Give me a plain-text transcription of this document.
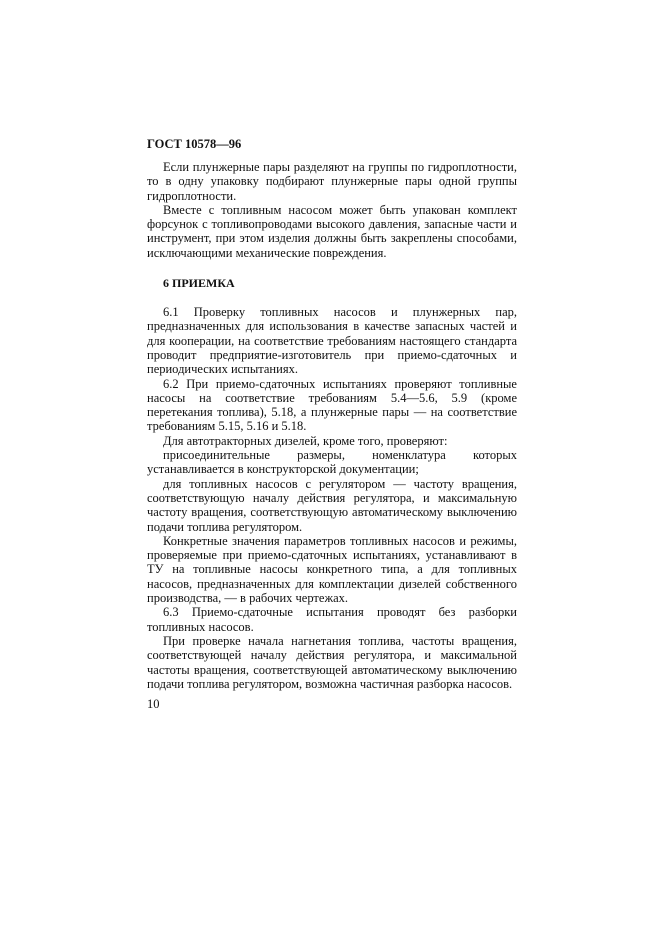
ГОСТ 10578—96

Если плунжерные пары разделяют на группы по гидроплотности, то в одну упаковку подбирают плунжерные пары одной группы гидроплотности.

Вместе с топливным насосом может быть упакован комплект форсунок с топливопроводами высокого давления, запасные части и инструмент, при этом изделия должны быть закреплены способами, исключающими механические повреждения.

6 ПРИЕМКА

6.1 Проверку топливных насосов и плунжерных пар, предназначенных для использования в качестве запасных частей и для кооперации, на соответствие требованиям настоящего стандарта проводит предприятие-изготовитель при приемо-сдаточных и периодических испытаниях.

6.2 При приемо-сдаточных испытаниях проверяют топливные насосы на соответствие требованиям 5.4—5.6, 5.9 (кроме перетекания топлива), 5.18, а плунжерные пары — на соответствие требованиям 5.15, 5.16 и 5.18.

Для автотракторных дизелей, кроме того, проверяют:

присоединительные размеры, номенклатура которых устанавливается в конструкторской документации;

для топливных насосов с регулятором — частоту вращения, соответствующую началу действия регулятора, и максимальную частоту вращения, соответствующую автоматическому выключению подачи топлива регулятором.

Конкретные значения параметров топливных насосов и режимы, проверяемые при приемо-сдаточных испытаниях, устанавливают в ТУ на топливные насосы конкретного типа, а для топливных насосов, предназначенных для комплектации дизелей собственного производства, — в рабочих чертежах.

6.3 Приемо-сдаточные испытания проводят без разборки топливных насосов.

При проверке начала нагнетания топлива, частоты вращения, соответствующей началу действия регулятора, и максимальной частоты вращения, соответствующей автоматическому выключению подачи топлива регулятором, возможна частичная разборка насосов.

10
